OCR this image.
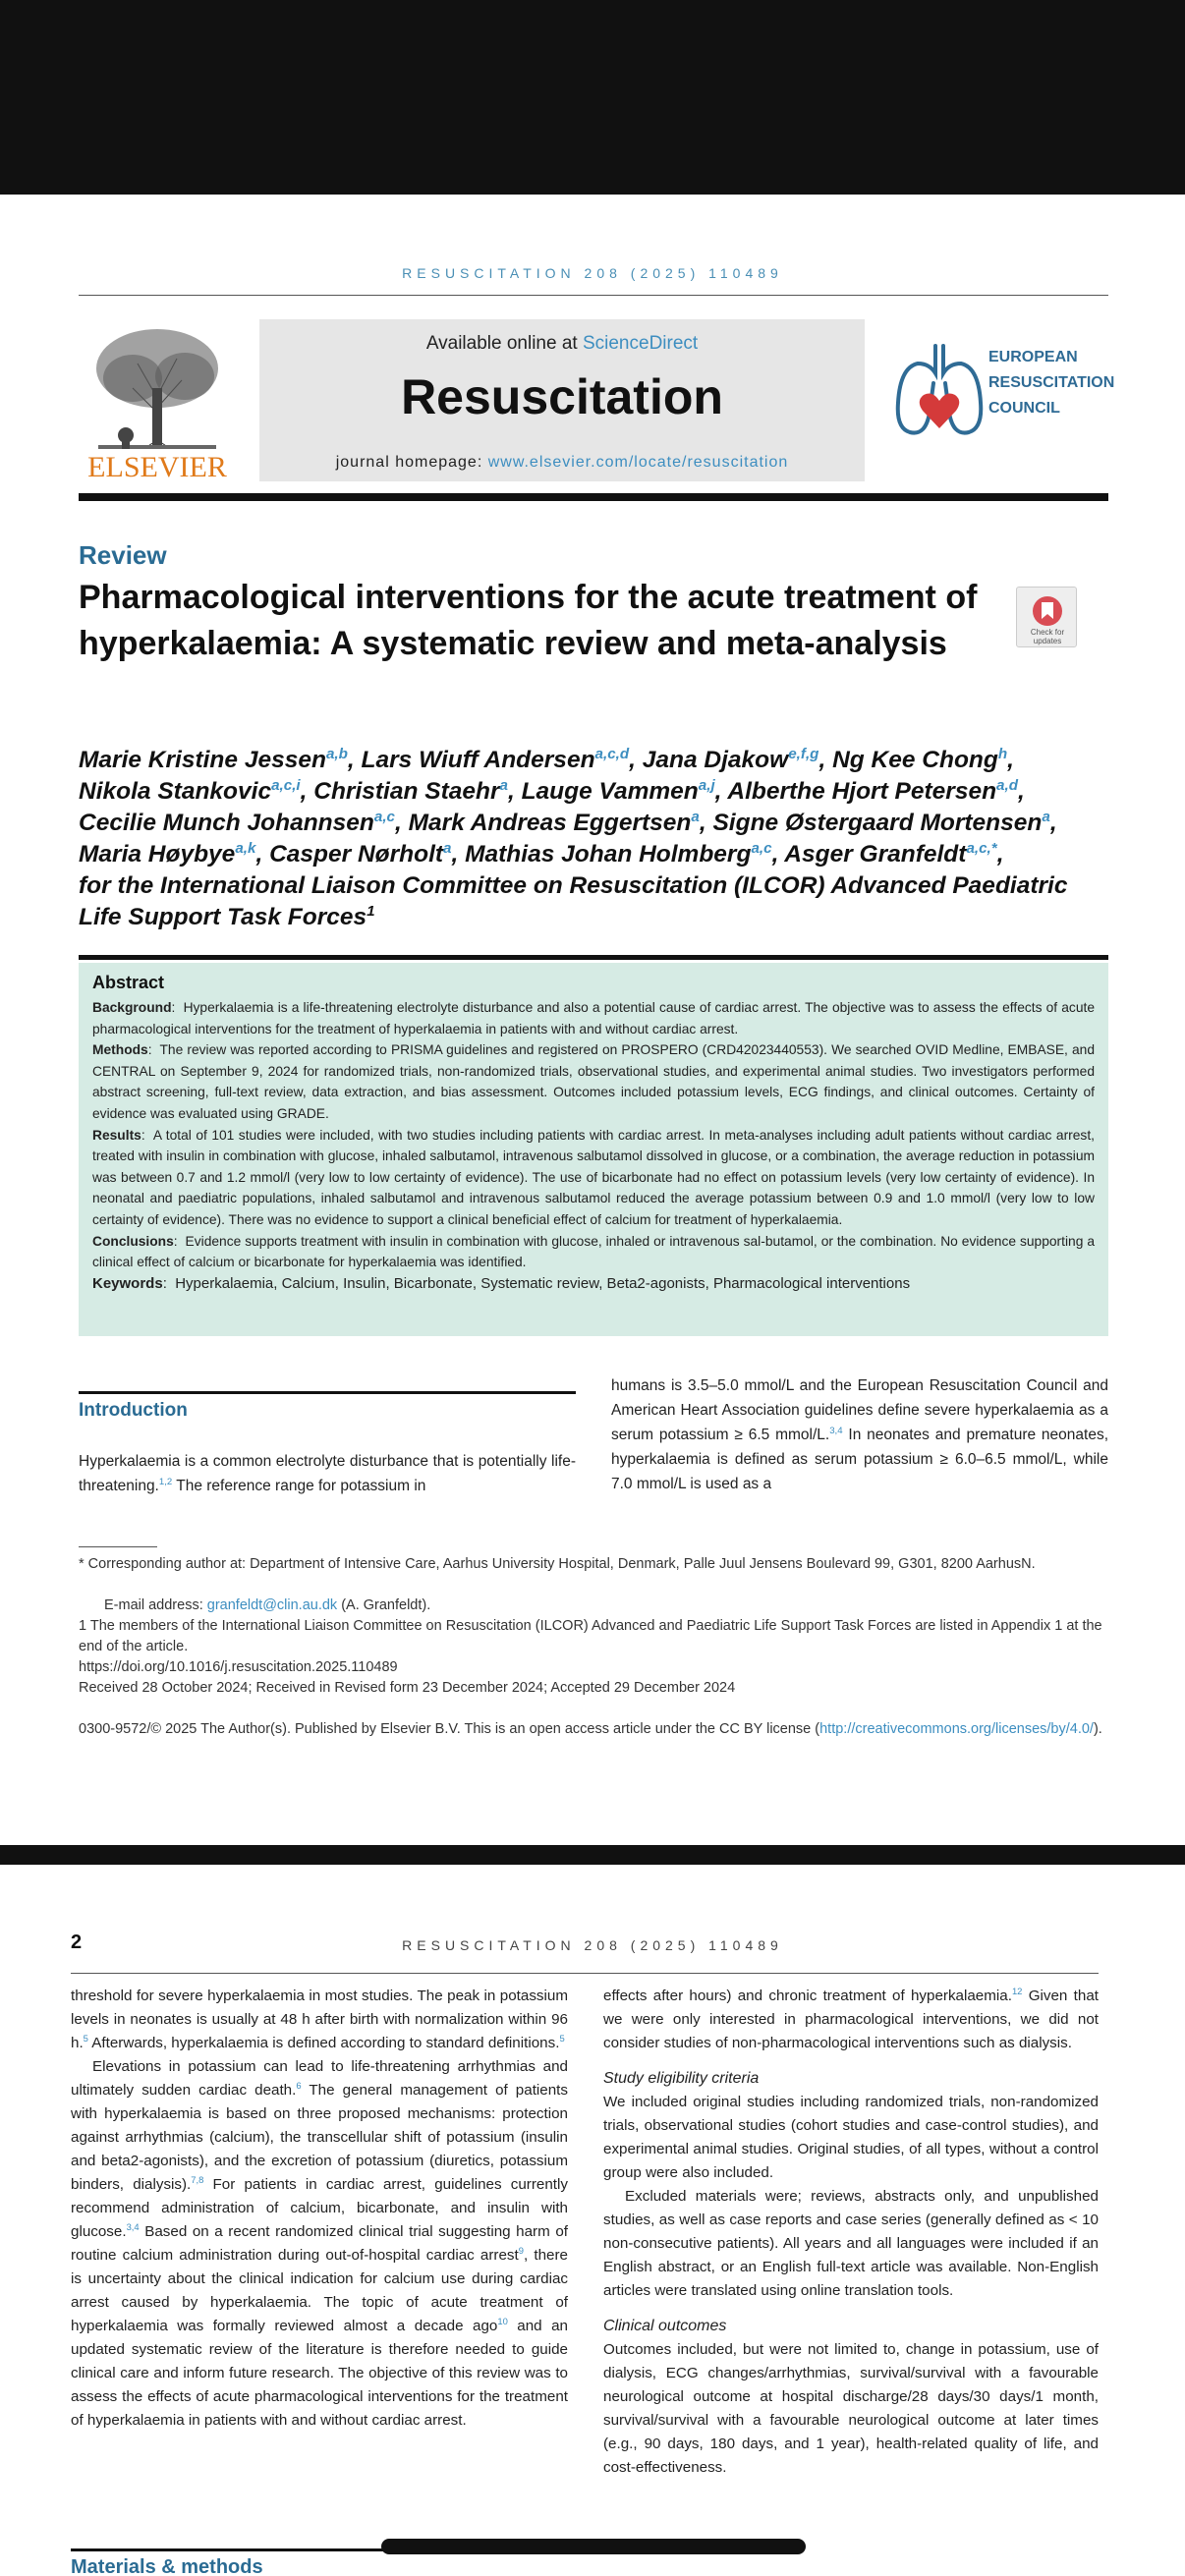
RESUSCITATION 208 (2025) 110489
ELSEVIER
Available online at ScienceDirect
Resuscitation
journal homepage: www.elsevier.com/locate/resuscitation
EUROPEAN
RESUSCITATION
COUNCIL
Review
Pharmacological interventions for the acute treatment of hyperkalaemia: A systematic review and meta-analysis	Check for
updates
Marie Kristine Jessen$^{a,b}$, Lars Wiuff Andersen$^{a,c,d}$, Jana Djakow$^{e,f,g}$, Ng Kee Chong$^h$,
Nikola Stankovic$^{a,c,i}$, Christian Staehr$^a$, Lauge Vammen$^{a,j}$, Alberthe Hjort Petersen$^{a,d}$,
Cecilie Munch Johannsen$^{a,c}$, Mark Andreas Eggertsen$^a$, Signe Østergaard Mortensen$^a$,
Maria Høybye$^{a,k}$, Casper Nørholt$^a$, Mathias Johan Holmberg$^{a,c}$, Asger Granfeldt$^{a,c,*}$,
for the International Liaison Committee on Resuscitation (ILCOR) Advanced Paediatric Life Support Task Forces$^1$
Abstract

Background:  Hyperkalaemia is a life-threatening electrolyte disturbance and also a potential cause of cardiac arrest. The objective was to assess the effects of acute pharmacological interventions for the treatment of hyperkalaemia in patients with and without cardiac arrest.

Methods:  The review was reported according to PRISMA guidelines and registered on PROSPERO (CRD42023440553). We searched OVID Medline, EMBASE, and CENTRAL on September 9, 2024 for randomized trials, non-randomized trials, observational studies, and experimental animal studies. Two investigators performed abstract screening, full-text review, data extraction, and bias assessment. Outcomes included potassium levels, ECG findings, and clinical outcomes. Certainty of evidence was evaluated using GRADE.

Results:  A total of 101 studies were included, with two studies including patients with cardiac arrest. In meta-analyses including adult patients without cardiac arrest, treated with insulin in combination with glucose, inhaled salbutamol, intravenous salbutamol dissolved in glucose, or a combination, the average reduction in potassium was between 0.7 and 1.2 mmol/l (very low to low certainty of evidence). The use of bicarbonate had no effect on potassium levels (very low certainty of evidence). In neonatal and paediatric populations, inhaled salbutamol and intravenous salbutamol reduced the average potassium between 0.9 and 1.0 mmol/l (very low to low certainty of evidence). There was no evidence to support a clinical beneficial effect of calcium for treatment of hyperkalaemia.

Conclusions:  Evidence supports treatment with insulin in combination with glucose, inhaled or intravenous sal-butamol, or the combination. No evidence supporting a clinical effect of calcium or bicarbonate for hyperkalaemia was identified.

Keywords:  Hyperkalaemia, Calcium, Insulin, Bicarbonate, Systematic review, Beta2-agonists, Pharmacological interventions

Introduction
Hyperkalaemia is a common electrolyte disturbance that is potentially life-threatening.$^{1,2}$ The reference range for potassium in
humans is 3.5–5.0 mmol/L and the European Resuscitation Council and American Heart Association guidelines define severe hyperkalaemia as a serum potassium ≥ 6.5 mmol/L.$^{3,4}$ In neonates and premature neonates, hyperkalaemia is defined as serum potassium ≥ 6.0–6.5 mmol/L, while 7.0 mmol/L is used as a
* Corresponding author at: Department of Intensive Care, Aarhus University Hospital, Denmark, Palle Juul Jensens Boulevard 99, G301, 8200 AarhusN.
E-mail address: granfeldt@clin.au.dk (A. Granfeldt).
1 The members of the International Liaison Committee on Resuscitation (ILCOR) Advanced and Paediatric Life Support Task Forces are listed in Appendix 1 at the end of the article.
https://doi.org/10.1016/j.resuscitation.2025.110489
Received 28 October 2024; Received in Revised form 23 December 2024; Accepted 29 December 2024
0300-9572/© 2025 The Author(s). Published by Elsevier B.V. This is an open access article under the CC BY license (http://creativecommons.org/licenses/by/4.0/).
2	RESUSCITATION 208 (2025) 110489
threshold for severe hyperkalaemia in most studies. The peak in potassium levels in neonates is usually at 48 h after birth with normalization within 96 h.$^5$ Afterwards, hyperkalaemia is defined according to standard definitions.$^5$
Elevations in potassium can lead to life-threatening arrhythmias and ultimately sudden cardiac death.$^6$ The general management of patients with hyperkalaemia is based on three proposed mechanisms: protection against arrhythmias (calcium), the transcellular shift of potassium (insulin and beta2-agonists), and the excretion of potassium (diuretics, potassium binders, dialysis).$^{7,8}$ For patients in cardiac arrest, guidelines currently recommend administration of calcium, bicarbonate, and insulin with glucose.$^{3,4}$ Based on a recent randomized clinical trial suggesting harm of routine calcium administration during out-of-hospital cardiac arrest$^9$, there is uncertainty about the clinical indication for calcium use during cardiac arrest caused by hyperkalaemia. The topic of acute treatment of hyperkalaemia was formally reviewed almost a decade ago$^{10}$ and an updated systematic review of the literature is therefore needed to guide clinical care and inform future research. The objective of this review was to assess the effects of acute pharmacological interventions for the treatment of hyperkalaemia in patients with and without cardiac arrest.
Materials & methods
effects after hours) and chronic treatment of hyperkalaemia.$^{12}$ Given that we were only interested in pharmacological interventions, we did not consider studies of non-pharmacological interventions such as dialysis.
Study eligibility criteria
We included original studies including randomized trials, non-randomized trials, observational studies (cohort studies and case-control studies), and experimental animal studies. Original studies, of all types, without a control group were also included.
Excluded materials were; reviews, abstracts only, and unpublished studies, as well as case reports and case series (generally defined as < 10 non-consecutive patients). All years and all languages were included if an English abstract, or an English full-text article was available. Non-English articles were translated using online translation tools.
Clinical outcomes
Outcomes included, but were not limited to, change in potassium, use of dialysis, ECG changes/arrhythmias, survival/survival with a favourable neurological outcome at hospital discharge/28 days/30 days/1 month, survival/survival with a favourable neurological outcome at later times (e.g., 90 days, 180 days, and 1 year), health-related quality of life, and cost-effectiveness.
